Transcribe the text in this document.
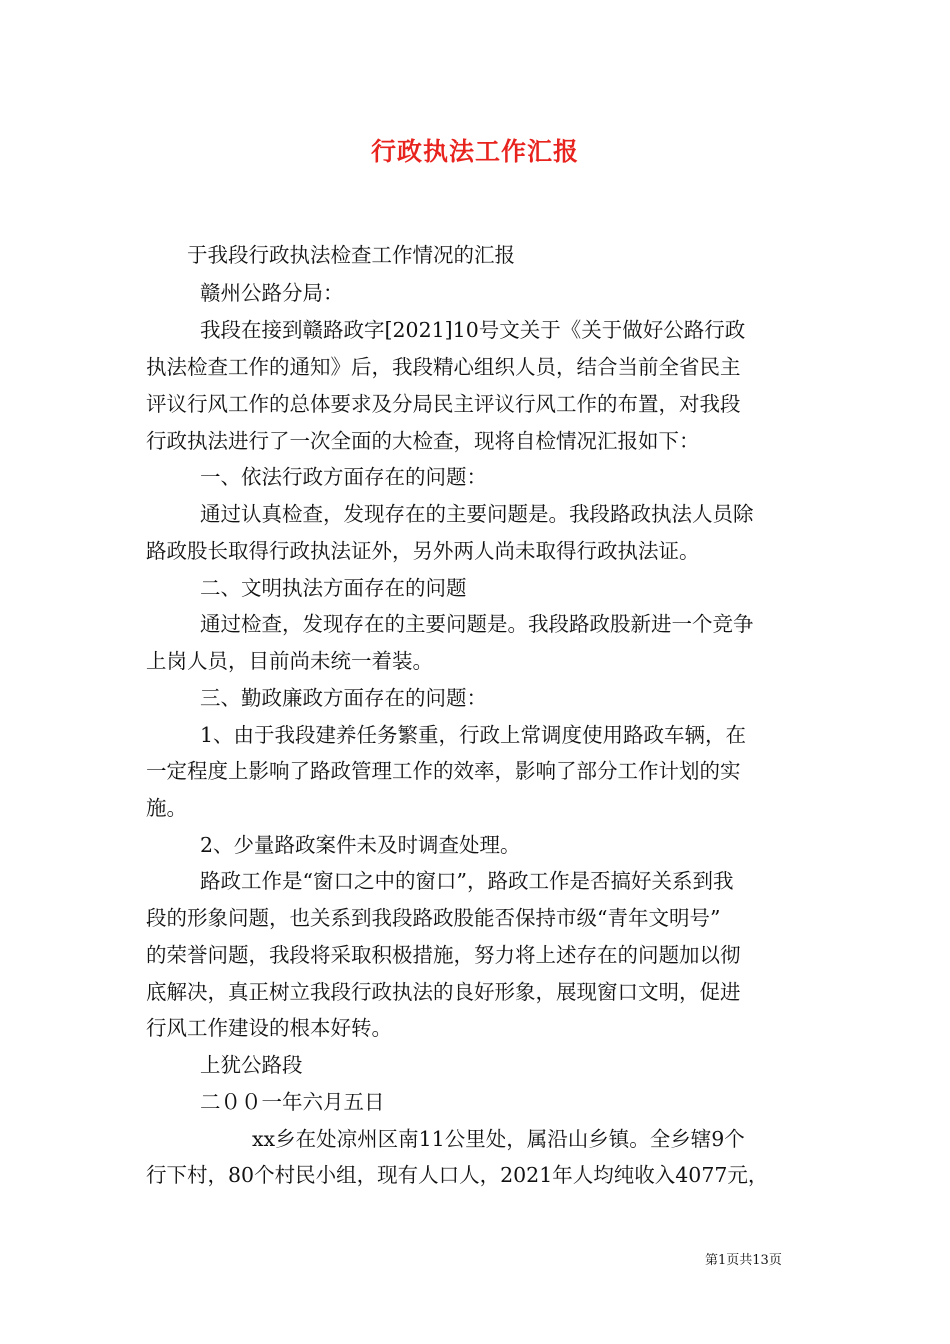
行政执法工作汇报
于我段行政执法检查工作情况的汇报
赣州公路分局：
我段在接到赣路政字[2021]10号文关于《关于做好公路行政
执法检查工作的通知》后，我段精心组织人员，结合当前全省民主
评议行风工作的总体要求及分局民主评议行风工作的布置，对我段
行政执法进行了一次全面的大检查，现将自检情况汇报如下：
一、依法行政方面存在的问题：
通过认真检查，发现存在的主要问题是。我段路政执法人员除
路政股长取得行政执法证外，另外两人尚未取得行政执法证。
二、文明执法方面存在的问题
通过检查，发现存在的主要问题是。我段路政股新进一个竞争
上岗人员，目前尚未统一着装。
三、勤政廉政方面存在的问题：
1、由于我段建养任务繁重，行政上常调度使用路政车辆，在
一定程度上影响了路政管理工作的效率，影响了部分工作计划的实
施。
2、少量路政案件未及时调查处理。
路政工作是“窗口之中的窗口”，路政工作是否搞好关系到我
段的形象问题，也关系到我段路政股能否保持市级“青年文明号”
的荣誉问题，我段将采取积极措施，努力将上述存在的问题加以彻
底解决，真正树立我段行政执法的良好形象，展现窗口文明，促进
行风工作建设的根本好转。
上犹公路段
二００一年六月五日
xx乡在处凉州区南11公里处，属沿山乡镇。全乡辖9个
行下村，80个村民小组，现有人口人，2021年人均纯收入4077元，
第1页共13页
